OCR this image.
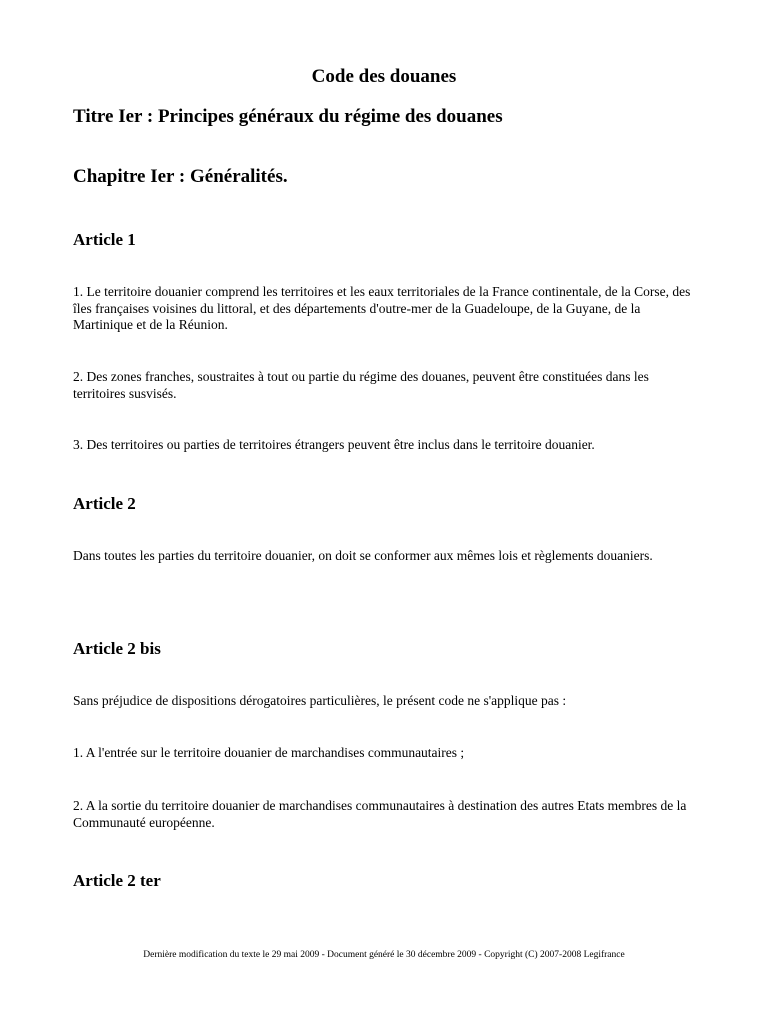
Code des douanes
Titre Ier : Principes généraux du régime des douanes
Chapitre Ier : Généralités.
Article 1

1. Le territoire douanier comprend les territoires et les eaux territoriales de la France continentale, de la Corse, des îles françaises voisines du littoral, et des départements d'outre-mer de la Guadeloupe, de la Guyane, de la Martinique et de la Réunion.

2. Des zones franches, soustraites à tout ou partie du régime des douanes, peuvent être constituées dans les territoires susvisés.

3. Des territoires ou parties de territoires étrangers peuvent être inclus dans le territoire douanier.

Article 2

Dans toutes les parties du territoire douanier, on doit se conformer aux mêmes lois et règlements douaniers.

Article 2 bis

Sans préjudice de dispositions dérogatoires particulières, le présent code ne s'applique pas :

1. A l'entrée sur le territoire douanier de marchandises communautaires ;

2. A la sortie du territoire douanier de marchandises communautaires à destination des autres Etats membres de la Communauté européenne.

Article 2 ter

Dernière modification du texte le 29 mai 2009 - Document généré le 30 décembre 2009 - Copyright (C) 2007-2008 Legifrance
